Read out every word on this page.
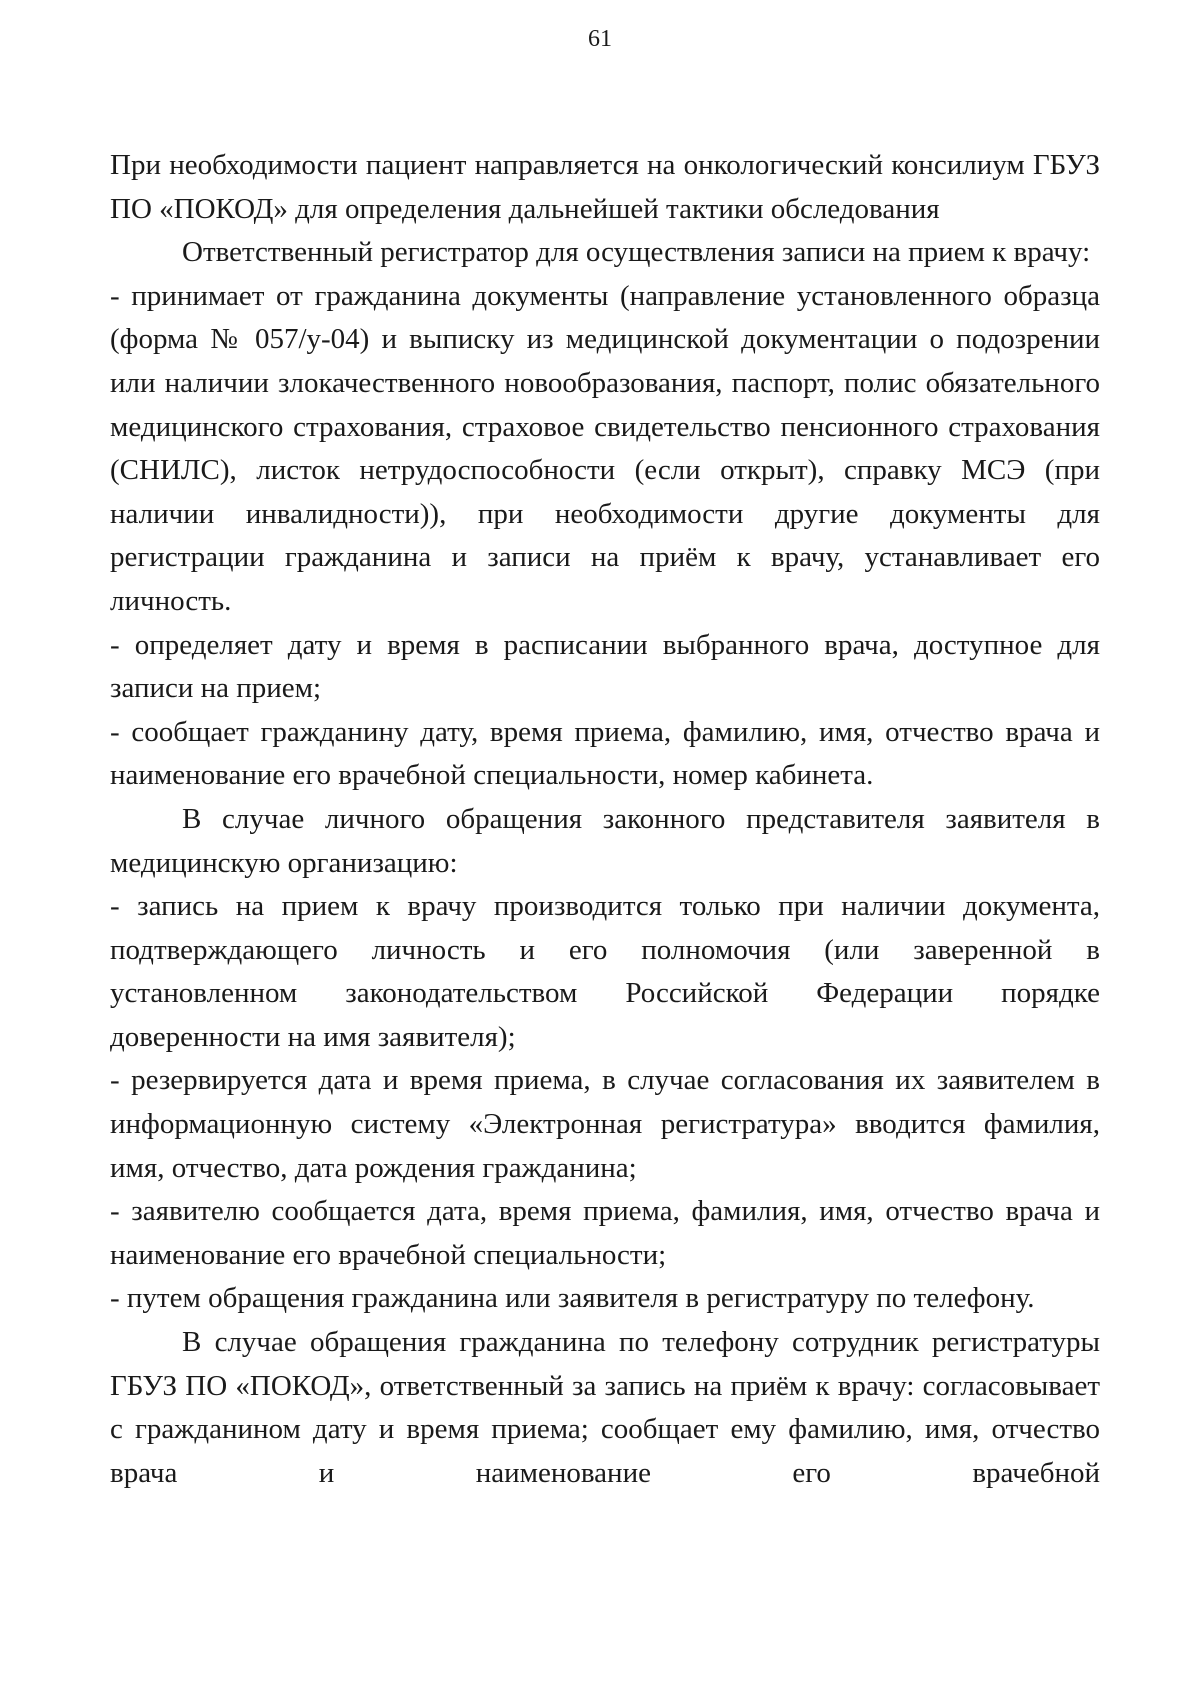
61

При необходимости пациент направляется на онкологический консилиум ГБУЗ ПО «ПОКОД» для определения дальнейшей тактики обследования

Ответственный регистратор для осуществления записи на прием к врачу:

- принимает от гражданина документы (направление установленного образца (форма № 057/у-04) и выписку из медицинской документации о подозрении или наличии злокачественного новообразования, паспорт, полис обязательного медицинского страхования, страховое свидетельство пенсионного страхования (СНИЛС), листок нетрудоспособности (если открыт), справку МСЭ (при наличии инвалидности)), при необходимости другие документы для регистрации гражданина и записи на приём к врачу, устанавливает его личность.

- определяет дату и время в расписании выбранного врача, доступное для записи на прием;

- сообщает гражданину дату, время приема, фамилию, имя, отчество врача и наименование его врачебной специальности, номер кабинета.

В случае личного обращения законного представителя заявителя в медицинскую организацию:

- запись на прием к врачу производится только при наличии документа, подтверждающего личность и его полномочия (или заверенной в установленном законодательством Российской Федерации порядке доверенности на имя заявителя);

- резервируется дата и время приема, в случае согласования их заявителем в информационную систему «Электронная регистратура» вводится фамилия, имя, отчество, дата рождения гражданина;

- заявителю сообщается дата, время приема, фамилия, имя, отчество врача и наименование его врачебной специальности;

- путем обращения гражданина или заявителя в регистратуру по телефону.

В случае обращения гражданина по телефону сотрудник регистратуры ГБУЗ ПО «ПОКОД», ответственный за запись на приём к врачу: согласовывает с гражданином дату и время приема; сообщает ему фамилию, имя, отчество врача и наименование его врачебной
